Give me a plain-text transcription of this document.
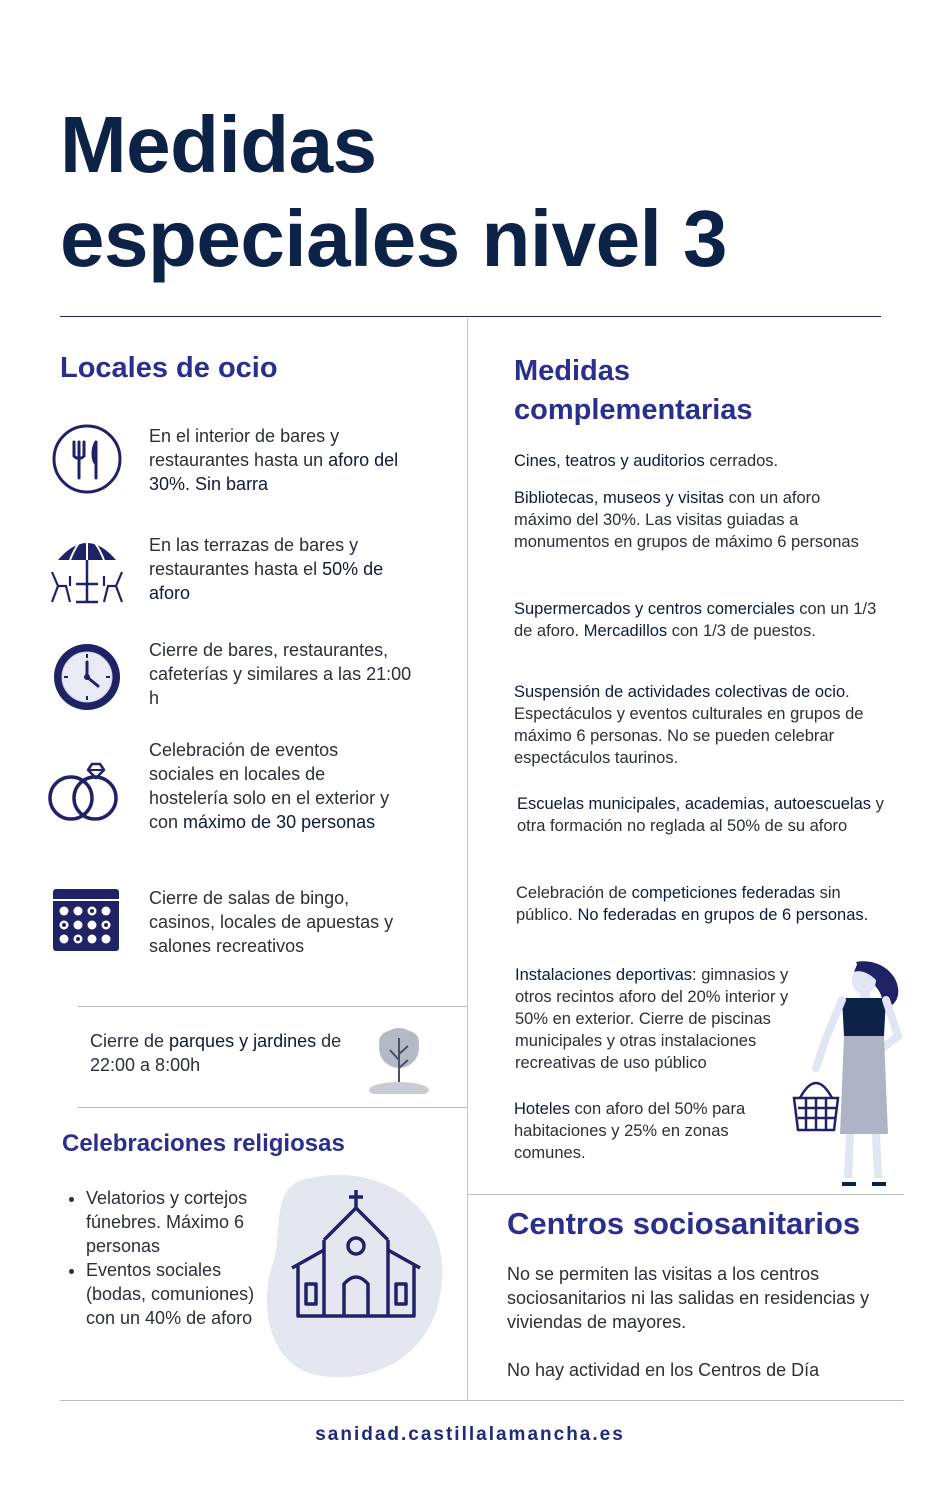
Medidas
especiales nivel 3
Locales de ocio
En el interior de bares y restaurantes hasta un aforo del 30%. Sin barra
En las terrazas de bares y restaurantes hasta el 50% de aforo
Cierre de bares, restaurantes, cafeterías y similares a las 21:00 h
Celebración de eventos sociales en locales de hostelería solo en el exterior y con máximo de 30 personas
Cierre de salas de bingo, casinos, locales de apuestas y salones recreativos
Cierre de parques y jardines de 22:00 a 8:00h
Celebraciones religiosas
• Velatorios y cortejos fúnebres. Máximo 6 personas
• Eventos sociales (bodas, comuniones) con un 40% de aforo
Medidas
complementarias
Cines, teatros y auditorios cerrados.
Bibliotecas, museos y visitas con un aforo máximo del 30%. Las visitas guiadas a monumentos en grupos de máximo 6 personas
Supermercados y centros comerciales con un 1/3 de aforo. Mercadillos con 1/3 de puestos.
Suspensión de actividades colectivas de ocio. Espectáculos y eventos culturales en grupos de máximo 6 personas. No se pueden celebrar espectáculos taurinos.
Escuelas municipales, academias, autoescuelas y otra formación no reglada al 50% de su aforo
Celebración de competiciones federadas sin público. No federadas en grupos de 6 personas.
Instalaciones deportivas: gimnasios y otros recintos aforo del 20% interior y 50% en exterior. Cierre de piscinas municipales y otras instalaciones recreativas de uso público
Hoteles con aforo del 50% para habitaciones y 25% en zonas comunes.
Centros sociosanitarios
No se permiten las visitas a los centros sociosanitarios ni las salidas en residencias y viviendas de mayores.
No hay actividad en los Centros de Día
sanidad.castillalamancha.es
